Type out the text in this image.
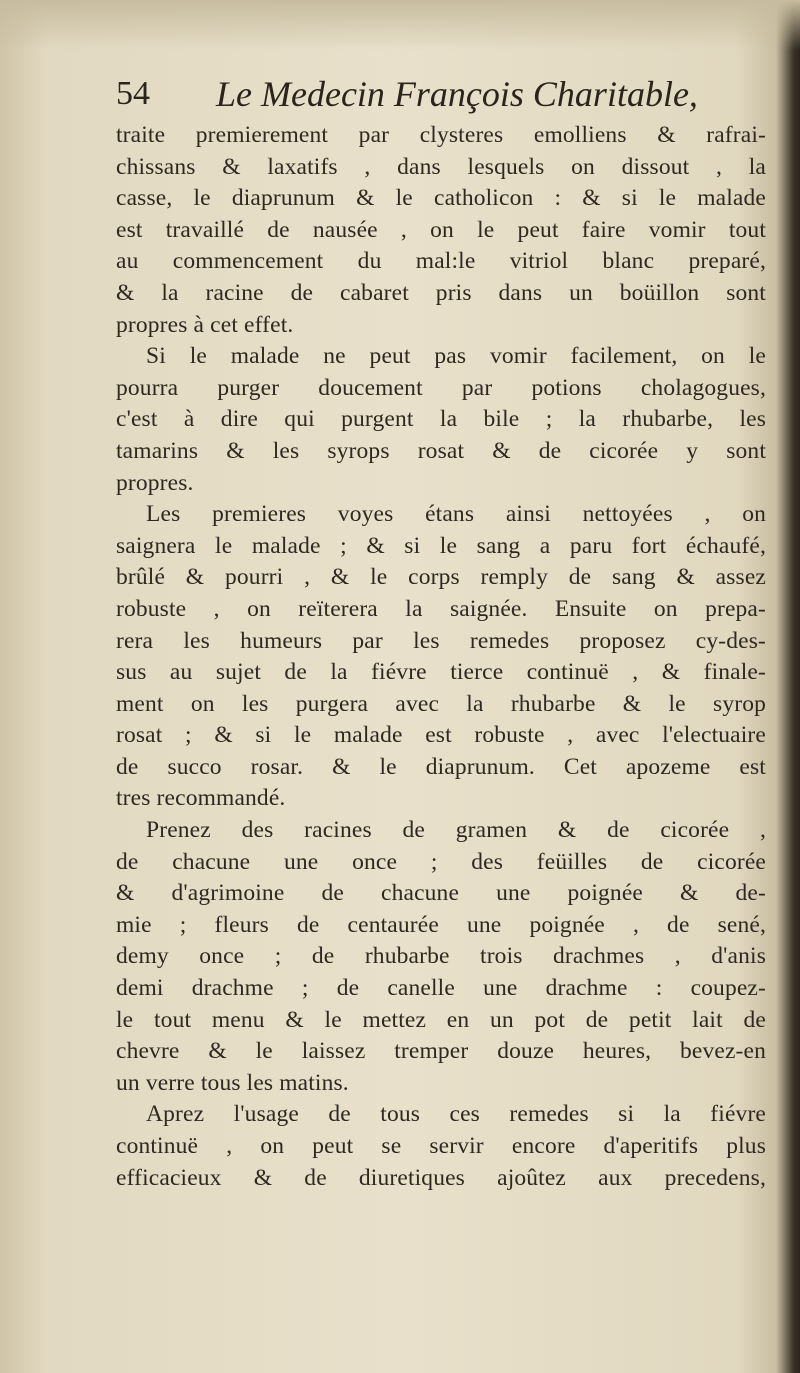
54 Le Medecin François Charitable,
traite premierement par clysteres emolliens & rafrai-
chissans & laxatifs , dans lesquels on dissout , la
casse, le diaprunum & le catholicon : & si le malade
est travaillé de nausée , on le peut faire vomir tout
au commencement du mal:le vitriol blanc preparé,
& la racine de cabaret pris dans un boüillon sont
propres à cet effet.
Si le malade ne peut pas vomir facilement, on le
pourra purger doucement par potions cholagogues,
c'est à dire qui purgent la bile ; la rhubarbe, les
tamarins & les syrops rosat & de cicorée y sont
propres.
Les premieres voyes étans ainsi nettoyées , on
saignera le malade ; & si le sang a paru fort échaufé,
brûlé & pourri , & le corps remply de sang & assez
robuste , on reïterera la saignée. Ensuite on prepa-
rera les humeurs par les remedes proposez cy-des-
sus au sujet de la fiévre tierce continuë , & finale-
ment on les purgera avec la rhubarbe & le syrop
rosat ; & si le malade est robuste , avec l'electuaire
de succo rosar. & le diaprunum. Cet apozeme est
tres recommandé.
Prenez des racines de gramen & de cicorée ,
de chacune une once ; des feüilles de cicorée
& d'agrimoine de chacune une poignée & de-
mie ; fleurs de centaurée une poignée , de sené,
demy once ; de rhubarbe trois drachmes , d'anis
demi drachme ; de canelle une drachme : coupez-
le tout menu & le mettez en un pot de petit lait de
chevre & le laissez tremper douze heures, bevez-en
un verre tous les matins.
Aprez l'usage de tous ces remedes si la fiévre
continuë , on peut se servir encore d'aperitifs plus
efficacieux & de diuretiques ajoûtez aux precedens,
